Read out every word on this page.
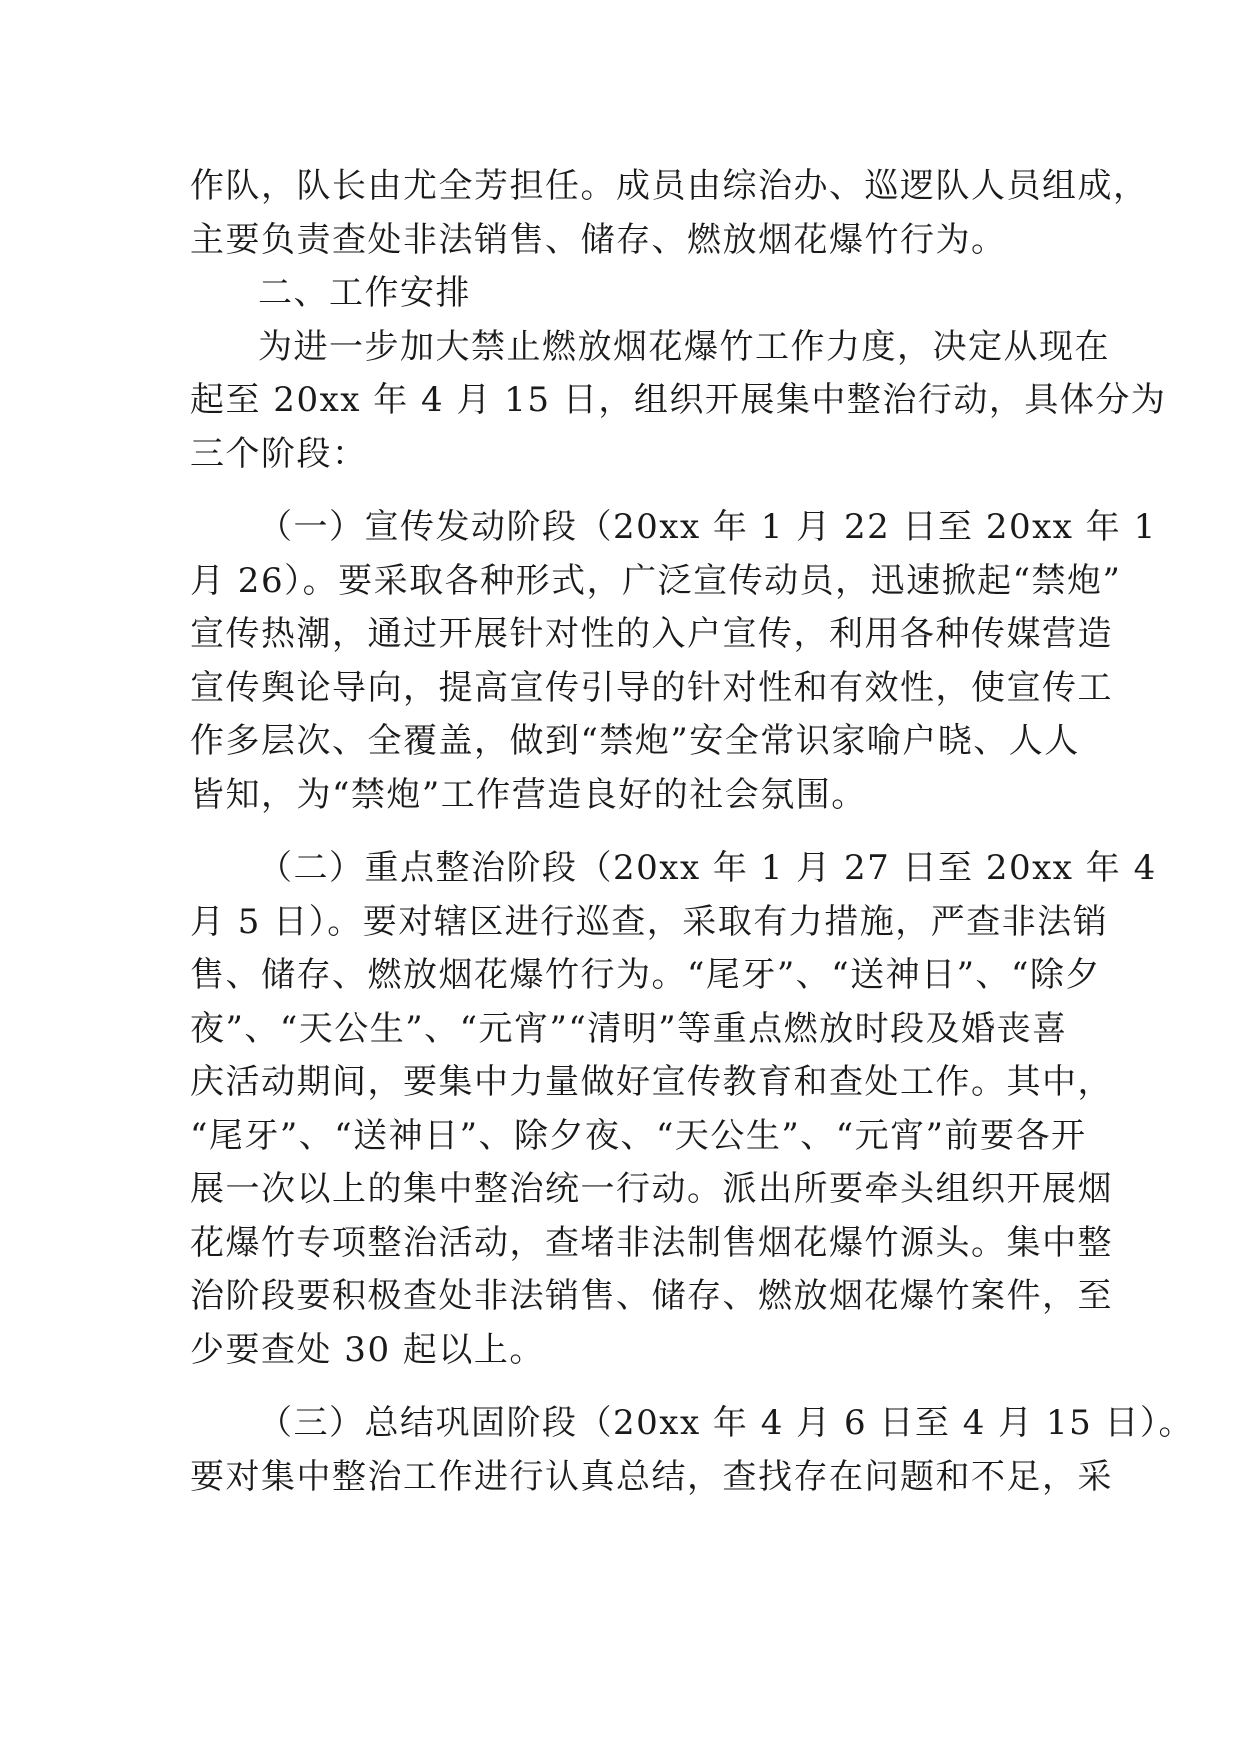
作队，队长由尤全芳担任。成员由综治办、巡逻队人员组成，
主要负责查处非法销售、储存、燃放烟花爆竹行为。
二、工作安排
为进一步加大禁止燃放烟花爆竹工作力度，决定从现在
起至 20xx 年 4 月 15 日，组织开展集中整治行动，具体分为
三个阶段：
（一）宣传发动阶段（20xx 年 1 月 22 日至 20xx 年 1
月 26）。要采取各种形式，广泛宣传动员，迅速掀起“禁炮”
宣传热潮，通过开展针对性的入户宣传，利用各种传媒营造
宣传舆论导向，提高宣传引导的针对性和有效性，使宣传工
作多层次、全覆盖，做到“禁炮”安全常识家喻户晓、人人
皆知，为“禁炮”工作营造良好的社会氛围。
（二）重点整治阶段（20xx 年 1 月 27 日至 20xx 年 4
月 5 日）。要对辖区进行巡查，采取有力措施，严查非法销
售、储存、燃放烟花爆竹行为。“尾牙”、“送神日”、“除夕
夜”、“天公生”、“元宵”“清明”等重点燃放时段及婚丧喜
庆活动期间，要集中力量做好宣传教育和查处工作。其中，
“尾牙”、“送神日”、除夕夜、“天公生”、“元宵”前要各开
展一次以上的集中整治统一行动。派出所要牵头组织开展烟
花爆竹专项整治活动，查堵非法制售烟花爆竹源头。集中整
治阶段要积极查处非法销售、储存、燃放烟花爆竹案件，至
少要查处 30 起以上。
（三）总结巩固阶段（20xx 年 4 月 6 日至 4 月 15 日）。
要对集中整治工作进行认真总结，查找存在问题和不足，采
